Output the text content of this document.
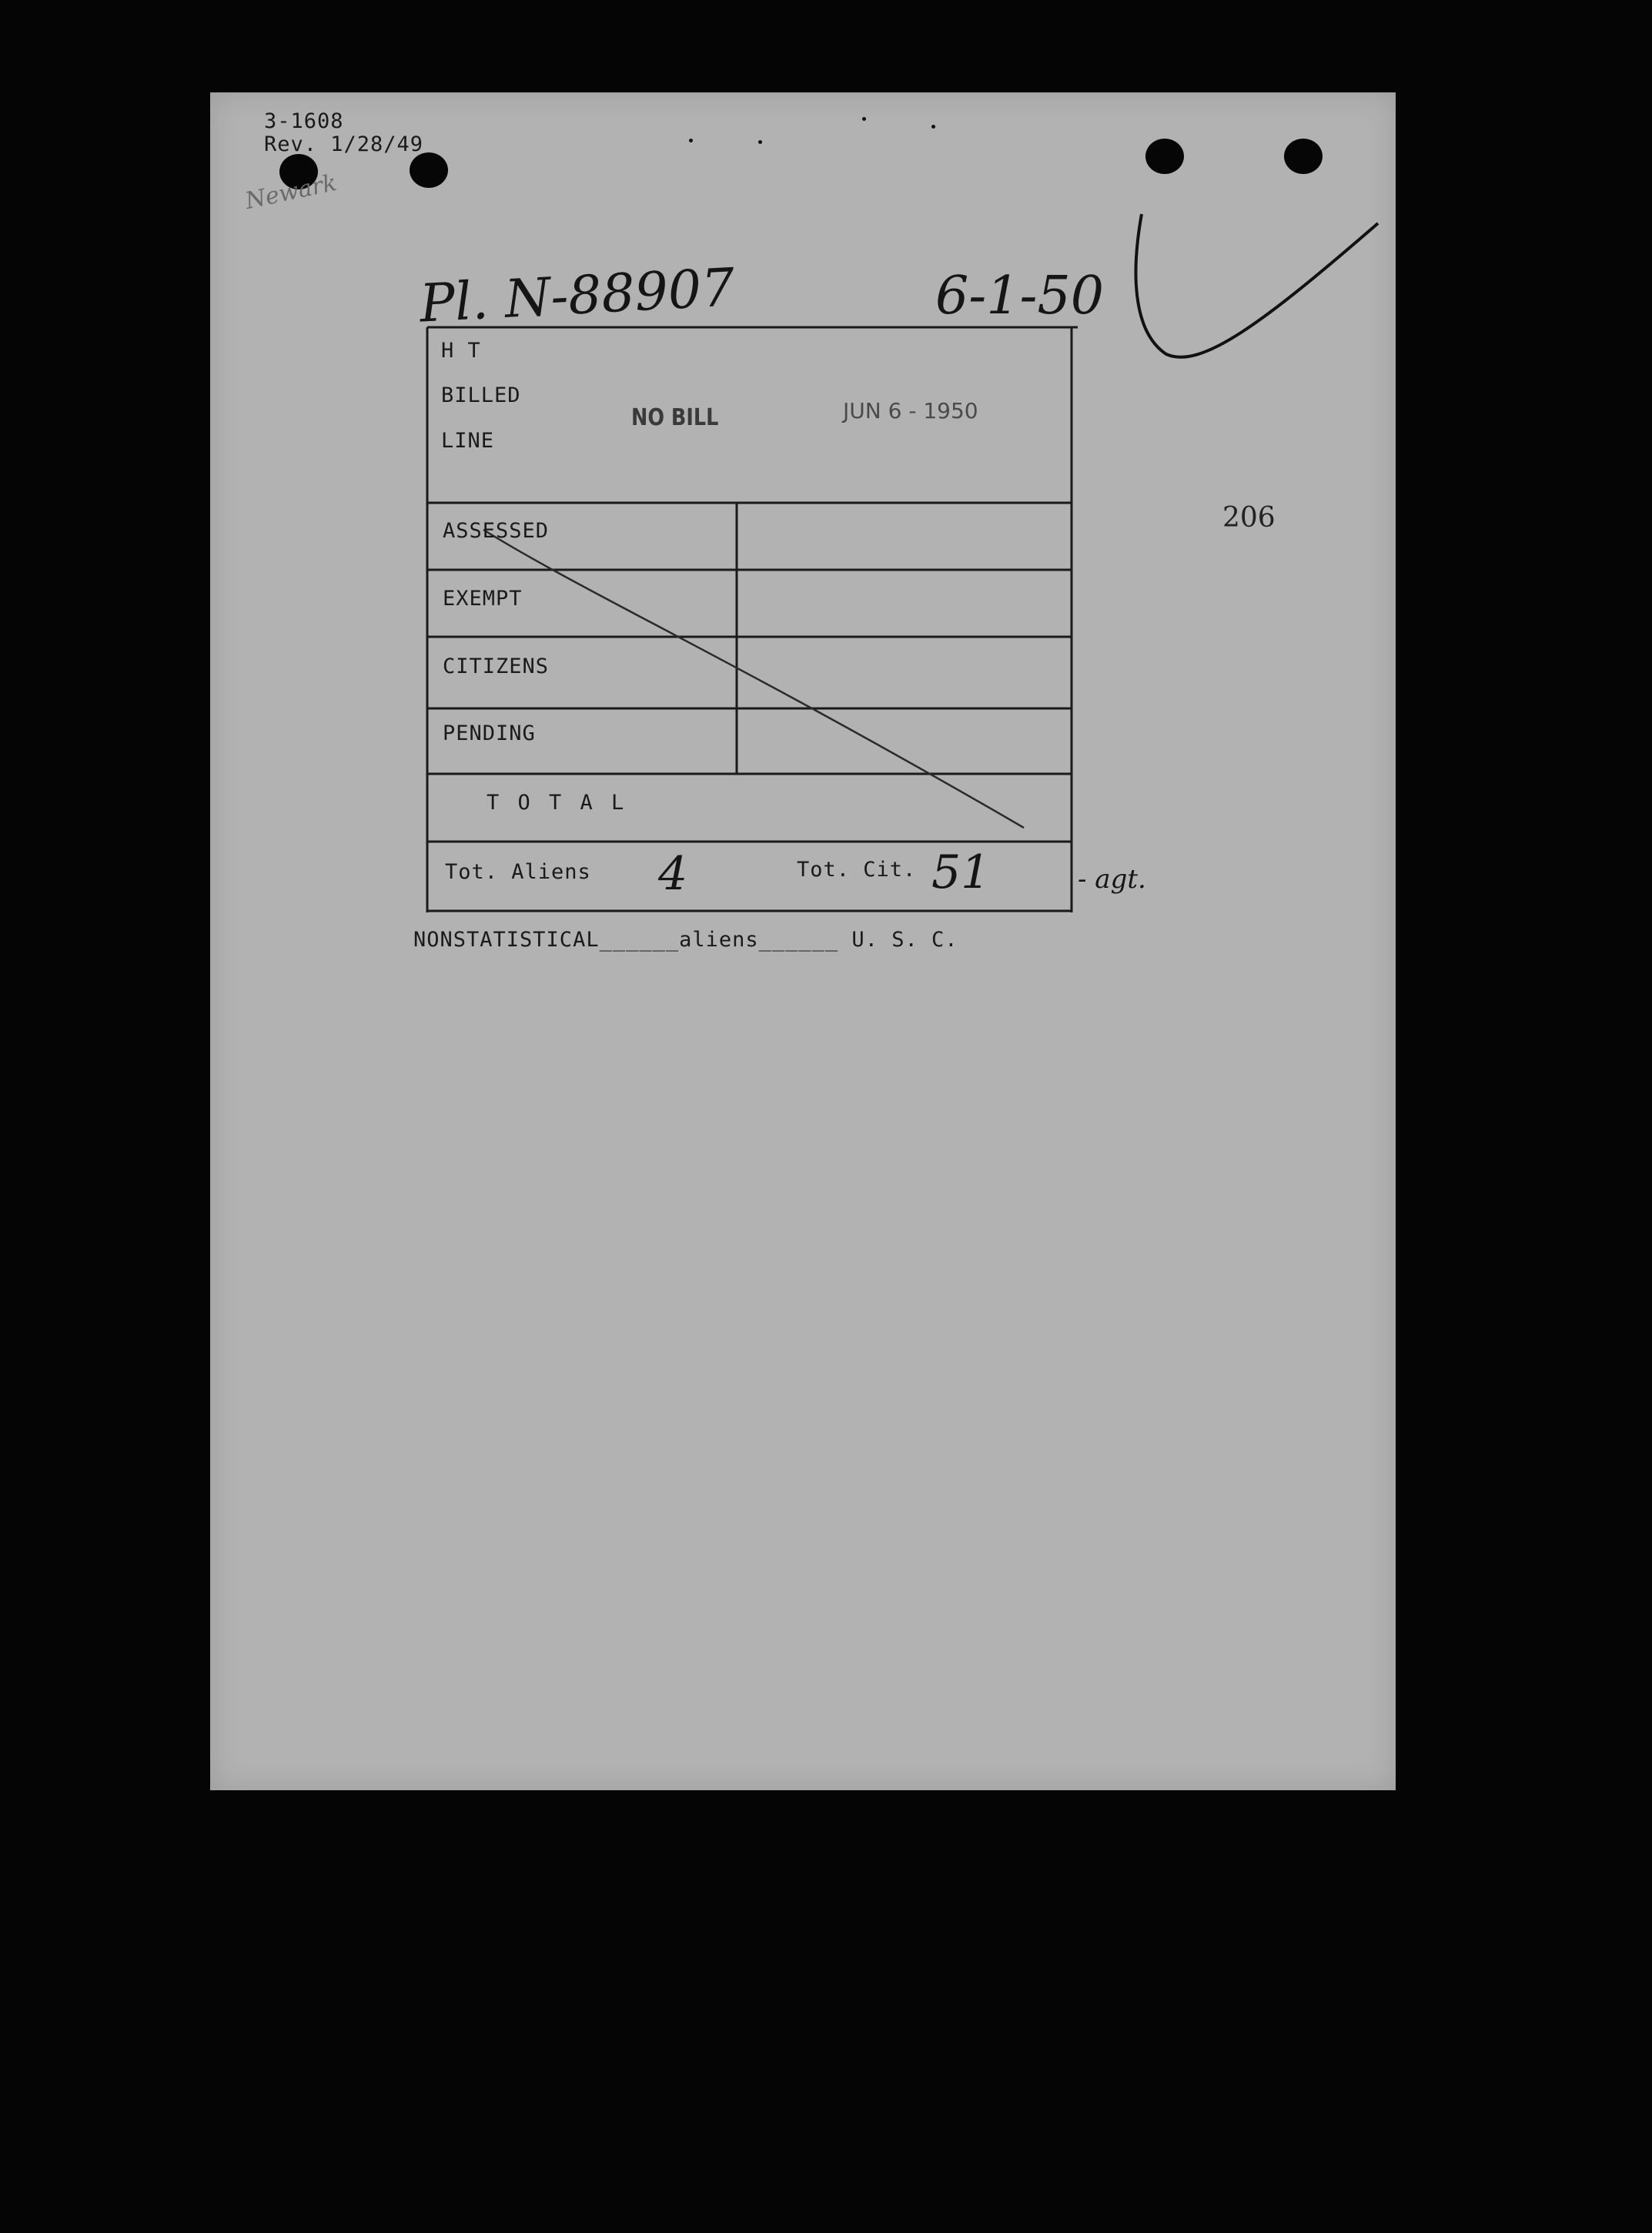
3-1608
Rev. 1/28/49
Newark
Pl. N-88907	6-1-50
206
H T
BILLED
LINE
NO BILL	JUN 6 - 1950
ASSESSED
EXEMPT
CITIZENS
PENDING
T O T A L
Tot. Aliens 4	Tot. Cit. 51	- agt.
NONSTATISTICAL______aliens______ U. S. C.
